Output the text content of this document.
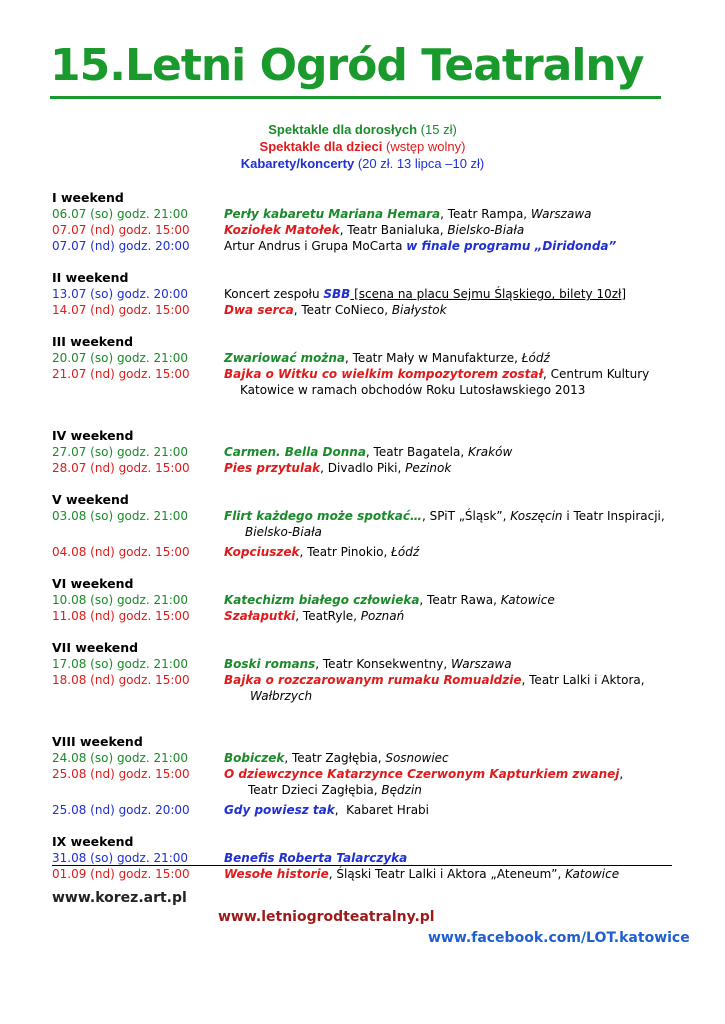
15.Letni Ogród Teatralny
Spektakle dla dorosłych (15 zł)
Spektakle dla dzieci (wstęp wolny)
Kabarety/koncerty (20 zł. 13 lipca –10 zł)
I weekend
06.07 (so) godz. 21:00	Perły kabaretu Mariana Hemara, Teatr Rampa, Warszawa
07.07 (nd) godz. 15:00	Koziołek Matołek, Teatr Banialuka, Bielsko-Biała
07.07 (nd) godz. 20:00	Artur Andrus i Grupa MoCarta w finale programu „Diridonda”
II weekend
13.07 (so) godz. 20:00	Koncert zespołu SBB [scena na placu Sejmu Śląskiego, bilety 10zł]
14.07 (nd) godz. 15:00	Dwa serca, Teatr CoNieco, Białystok
III weekend
20.07 (so) godz. 21:00	Zwariować można, Teatr Mały w Manufakturze, Łódź
21.07 (nd) godz. 15:00	Bajka o Witku co wielkim kompozytorem został, Centrum Kultury
Katowice w ramach obchodów Roku Lutosławskiego 2013
IV weekend
27.07 (so) godz. 21:00	Carmen. Bella Donna, Teatr Bagatela, Kraków
28.07 (nd) godz. 15:00	Pies przytulak, Divadlo Piki, Pezinok
V weekend
03.08 (so) godz. 21:00	Flirt każdego może spotkać…, SPiT „Śląsk”, Koszęcin i Teatr Inspiracji,
Bielsko-Biała
04.08 (nd) godz. 15:00	Kopciuszek, Teatr Pinokio, Łódź
VI weekend
10.08 (so) godz. 21:00	Katechizm białego człowieka, Teatr Rawa, Katowice
11.08 (nd) godz. 15:00	Szałaputki, TeatRyle, Poznań
VII weekend
17.08 (so) godz. 21:00	Boski romans, Teatr Konsekwentny, Warszawa
18.08 (nd) godz. 15:00	Bajka o rozczarowanym rumaku Romualdzie, Teatr Lalki i Aktora,
Wałbrzych
VIII weekend
24.08 (so) godz. 21:00	Bobiczek, Teatr Zagłębia, Sosnowiec
25.08 (nd) godz. 15:00	O dziewczynce Katarzynce Czerwonym Kapturkiem zwanej,
Teatr Dzieci Zagłębia, Będzin
25.08 (nd) godz. 20:00	Gdy powiesz tak,  Kabaret Hrabi
IX weekend
31.08 (so) godz. 21:00	Benefis Roberta Talarczyka
01.09 (nd) godz. 15:00	Wesołe historie, Śląski Teatr Lalki i Aktora „Ateneum”, Katowice
www.korez.art.pl
www.letniogrodteatralny.pl
www.facebook.com/LOT.katowice
